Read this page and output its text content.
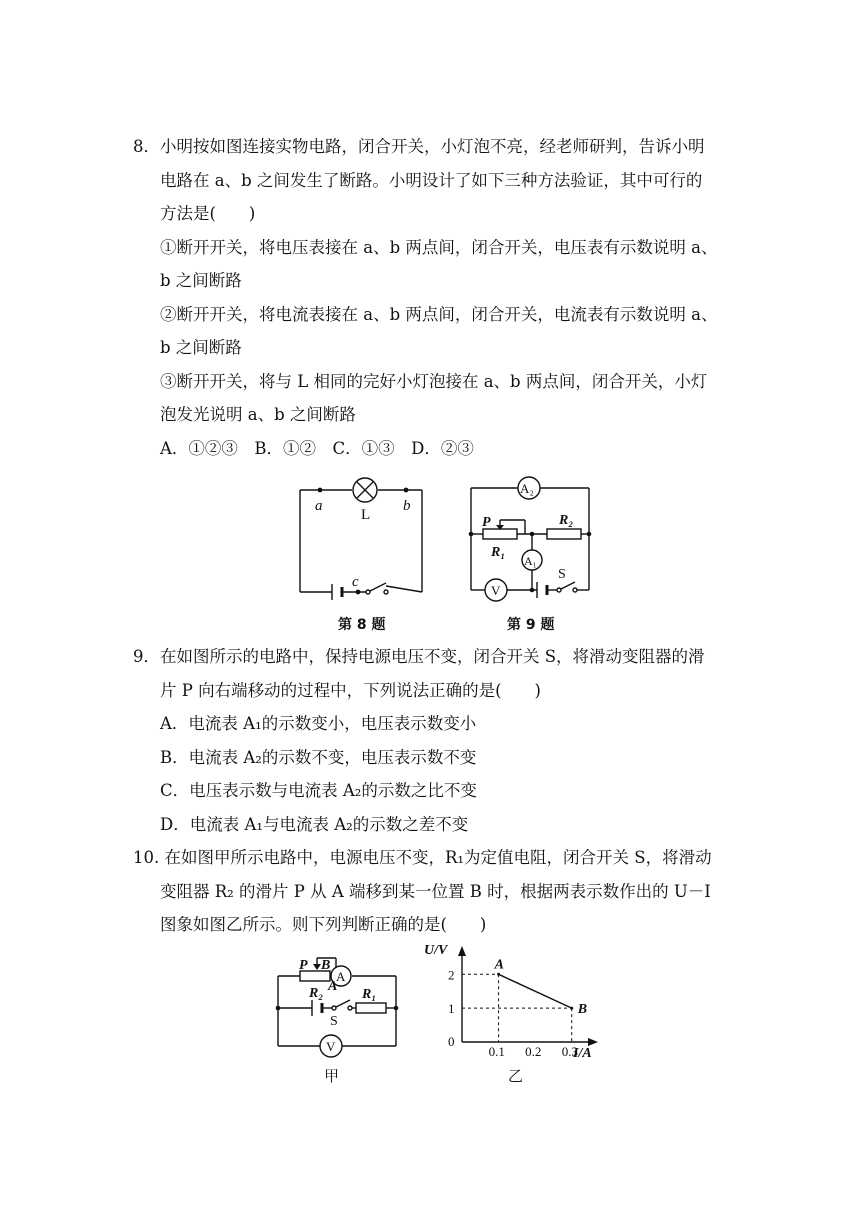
8．小明按如图连接实物电路，闭合开关，小灯泡不亮，经老师研判，告诉小明
电路在 a、b 之间发生了断路。小明设计了如下三种方法验证，其中可行的
方法是(　　)
①断开开关，将电压表接在 a、b 两点间，闭合开关，电压表有示数说明 a、
b 之间断路
②断开开关，将电流表接在 a、b 两点间，闭合开关，电流表有示数说明 a、
b 之间断路
③断开开关，将与 L 相同的完好小灯泡接在 a、b 两点间，闭合开关，小灯
泡发光说明 a、b 之间断路
A．①②③　B．①②　C．①③　D．②③
a	b
L
c
第 8 题
A₂
A₁
V
P
R₁
R₂
S
第 9 题
9．在如图所示的电路中，保持电源电压不变，闭合开关 S，将滑动变阻器的滑
片 P 向右端移动的过程中，下列说法正确的是(　　)
A．电流表 A₁的示数变小，电压表示数变小
B．电流表 A₂的示数不变，电压表示数不变
C．电压表示数与电流表 A₂的示数之比不变
D．电流表 A₁与电流表 A₂的示数之差不变
10. 在如图甲所示电路中，电源电压不变，R₁为定值电阻，闭合开关 S，将滑动
变阻器 R₂ 的滑片 P 从 A 端移到某一位置 B 时，根据两表示数作出的 U－I
图象如图乙所示。则下列判断正确的是(　　)
A
V
P B
R₂ A
R₁
S
甲
U/V
I/A
0.1 0.2 0.3
0
1
2
A
B
乙
